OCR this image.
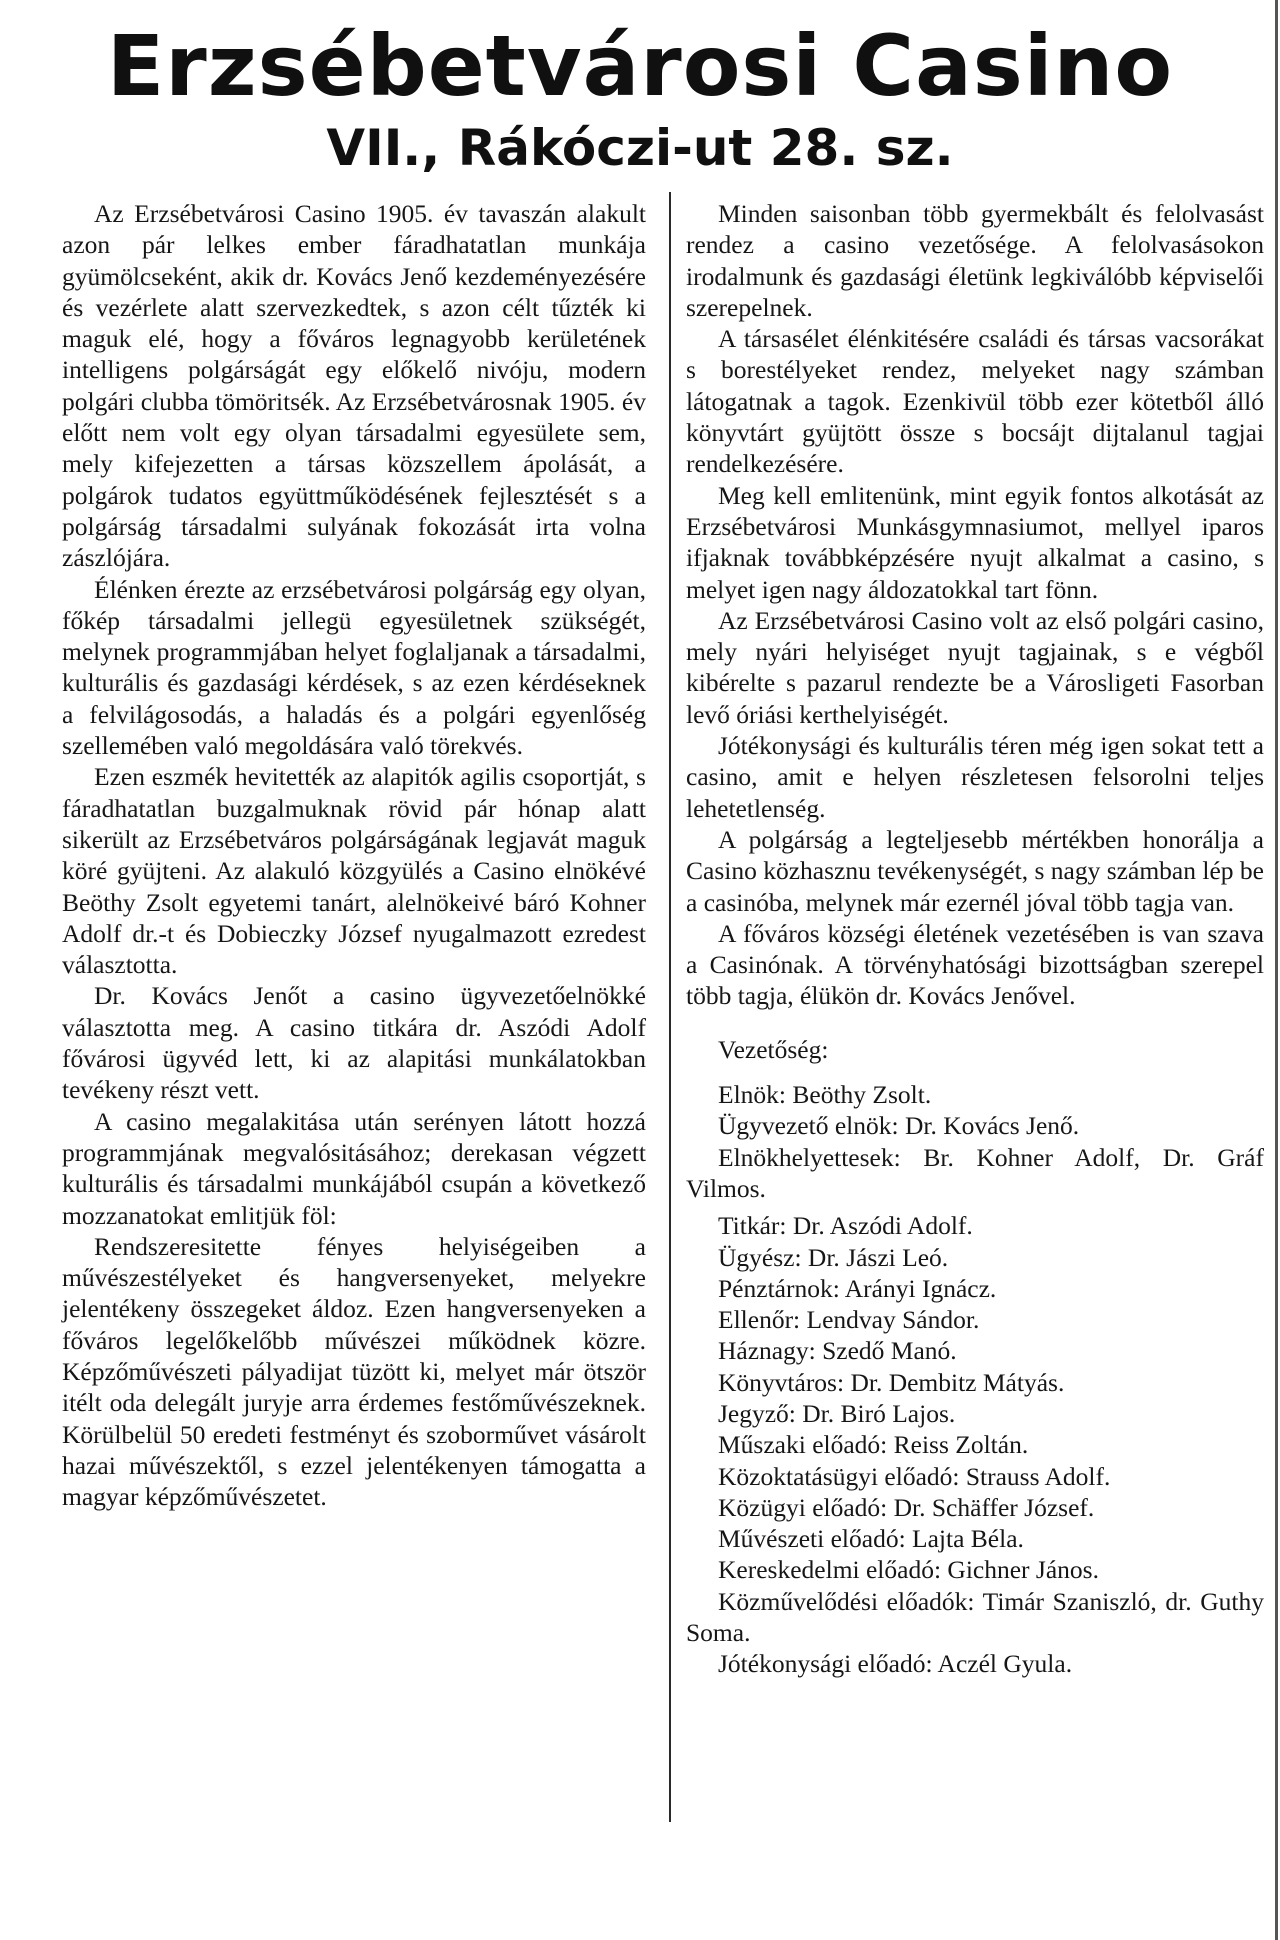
Erzsébetvárosi Casino
VII., Rákóczi-ut 28. sz.

Az Erzsébetvárosi Casino 1905. év tavaszán alakult azon pár lelkes ember fáradhatatlan munkája gyümölcseként, akik dr. Kovács Jenő kezdeményezésére és vezérlete alatt szervezkedtek, s azon célt tűzték ki maguk elé, hogy a főváros legnagyobb kerületének intelligens polgárságát egy előkelő nivóju, modern polgári clubba tömöritsék. Az Erzsébetvárosnak 1905. év előtt nem volt egy olyan társadalmi egyesülete sem, mely kifejezetten a társas közszellem ápolását, a polgárok tudatos együttműködésének fejlesztését s a polgárság társadalmi sulyának fokozását irta volna zászlójára.

Élénken érezte az erzsébetvárosi polgárság egy olyan, főkép társadalmi jellegü egyesületnek szükségét, melynek programmjában helyet foglaljanak a társadalmi, kulturális és gazdasági kérdések, s az ezen kérdéseknek a felvilágosodás, a haladás és a polgári egyenlőség szellemében való megoldására való törekvés.

Ezen eszmék hevitették az alapitók agilis csoportját, s fáradhatatlan buzgalmuknak rövid pár hónap alatt sikerült az Erzsébetváros polgárságának legjavát maguk köré gyüjteni. Az alakuló közgyülés a Casino elnökévé Beöthy Zsolt egyetemi tanárt, alelnökeivé báró Kohner Adolf dr.-t és Dobieczky József nyugalmazott ezredest választotta.

Dr. Kovács Jenőt a casino ügyvezetőelnökké választotta meg. A casino titkára dr. Aszódi Adolf fővárosi ügyvéd lett, ki az alapitási munkálatokban tevékeny részt vett.

A casino megalakitása után serényen látott hozzá programmjának megvalósitásához; derekasan végzett kulturális és társadalmi munkájából csupán a következő mozzanatokat emlitjük föl:

Rendszeresitette fényes helyiségeiben a művészestélyeket és hangversenyeket, melyekre jelentékeny összegeket áldoz. Ezen hangversenyeken a főváros legelőkelőbb művészei működnek közre. Képzőművészeti pályadijat tüzött ki, melyet már ötször itélt oda delegált juryje arra érdemes festőművészeknek. Körülbelül 50 eredeti festményt és szoborművet vásárolt hazai művészektől, s ezzel jelentékenyen támogatta a magyar képzőművészetet.

Minden saisonban több gyermekbált és felolvasást rendez a casino vezetősége. A felolvasásokon irodalmunk és gazdasági életünk legkiválóbb képviselői szerepelnek.

A társasélet élénkitésére családi és társas vacsorákat s borestélyeket rendez, melyeket nagy számban látogatnak a tagok. Ezenkivül több ezer kötetből álló könyvtárt gyüjtött össze s bocsájt dijtalanul tagjai rendelkezésére.

Meg kell emlitenünk, mint egyik fontos alkotását az Erzsébetvárosi Munkásgymnasiumot, mellyel iparos ifjaknak továbbképzésére nyujt alkalmat a casino, s melyet igen nagy áldozatokkal tart fönn.

Az Erzsébetvárosi Casino volt az első polgári casino, mely nyári helyiséget nyujt tagjainak, s e végből kibérelte s pazarul rendezte be a Városligeti Fasorban levő óriási kerthelyiségét.

Jótékonysági és kulturális téren még igen sokat tett a casino, amit e helyen részletesen felsorolni teljes lehetetlenség.

A polgárság a legteljesebb mértékben honorálja a Casino közhasznu tevékenységét, s nagy számban lép be a casinóba, melynek már ezernél jóval több tagja van.

A főváros községi életének vezetésében is van szava a Casinónak. A törvényhatósági bizottságban szerepel több tagja, élükön dr. Kovács Jenővel.

Vezetőség:

Elnök: Beöthy Zsolt.

Ügyvezető elnök: Dr. Kovács Jenő.

Elnökhelyettesek: Br. Kohner Adolf, Dr. Gráf Vilmos.

Titkár: Dr. Aszódi Adolf.

Ügyész: Dr. Jászi Leó.

Pénztárnok: Arányi Ignácz.

Ellenőr: Lendvay Sándor.

Háznagy: Szedő Manó.

Könyvtáros: Dr. Dembitz Mátyás.

Jegyző: Dr. Biró Lajos.

Műszaki előadó: Reiss Zoltán.

Közoktatásügyi előadó: Strauss Adolf.

Közügyi előadó: Dr. Schäffer József.

Művészeti előadó: Lajta Béla.

Kereskedelmi előadó: Gichner János.

Közművelődési előadók: Timár Szaniszló, dr. Guthy Soma.

Jótékonysági előadó: Aczél Gyula.
